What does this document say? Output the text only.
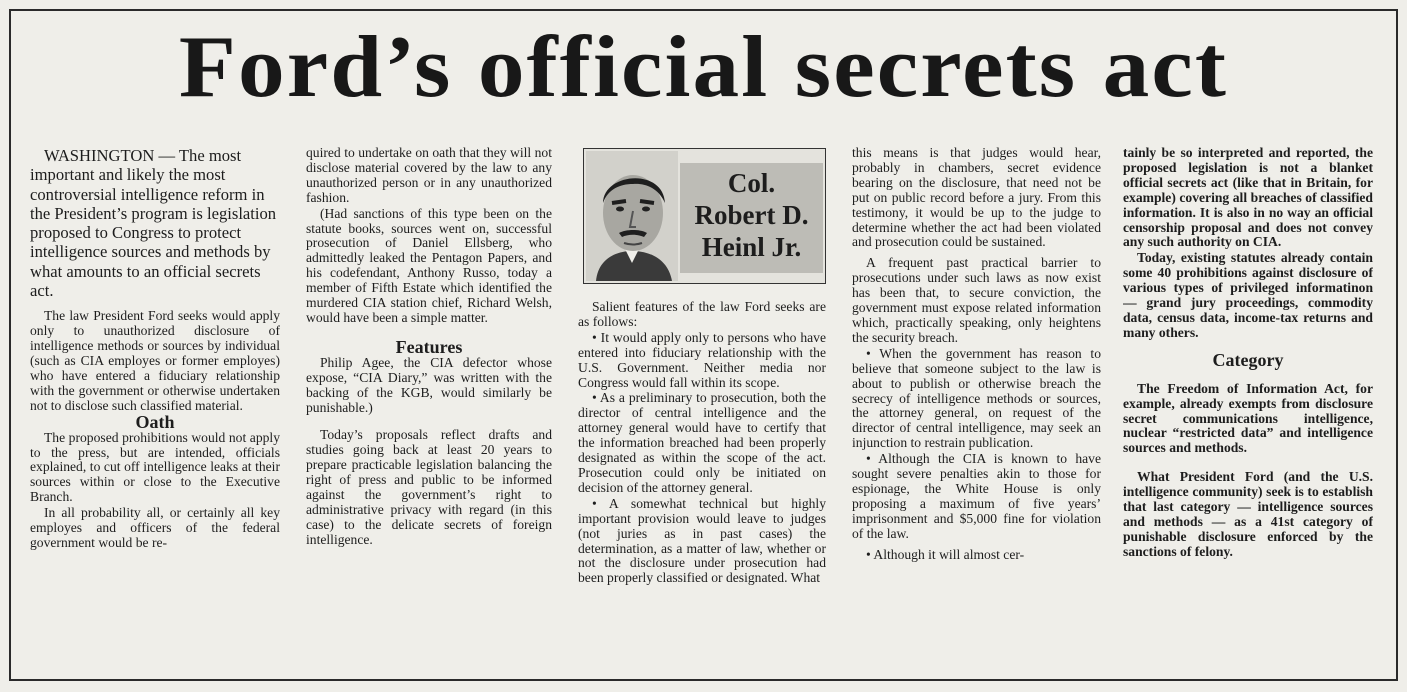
Ford’s official secrets act

WASHINGTON — The most important and likely the most controversial intelligence reform in the President’s program is legislation proposed to Congress to protect intelligence sources and methods by what amounts to an official secrets act.

The law President Ford seeks would apply only to unauthorized disclosure of intelligence methods or sources by individual (such as CIA employes or former employes) who have entered a fiduciary relationship with the government or otherwise undertaken not to disclose such classified material.

Oath

The proposed prohibitions would not apply to the press, but are intended, officials explained, to cut off intelligence leaks at their sources within or close to the Executive Branch.

In all probability all, or certainly all key employes and officers of the federal government would be re-

quired to undertake on oath that they will not disclose material covered by the law to any unauthorized person or in any unauthorized fashion.

(Had sanctions of this type been on the statute books, sources went on, successful prosecution of Daniel Ellsberg, who admittedly leaked the Pentagon Papers, and his codefendant, Anthony Russo, today a member of Fifth Estate which identified the murdered CIA station chief, Richard Welsh, would have been a simple matter.

Features

Philip Agee, the CIA defector whose expose, “CIA Diary,” was written with the backing of the KGB, would similarly be punishable.)

Today’s proposals reflect drafts and studies going back at least 20 years to prepare practicable legislation balancing the right of press and public to be informed against the government’s right to administrative privacy with regard (in this case) to the delicate secrets of foreign intelligence.

Col.
Robert D.
Heinl Jr.

Salient features of the law Ford seeks are as follows:

• It would apply only to persons who have entered into fiduciary relationship with the U.S. Government. Neither media nor Congress would fall within its scope.

• As a preliminary to prosecution, both the director of central intelligence and the attorney general would have to certify that the information breached had been properly designated as within the scope of the act. Prosecution could only be initiated on decision of the attorney general.

• A somewhat technical but highly important provision would leave to judges (not juries as in past cases) the determination, as a matter of law, whether or not the disclosure under prosecution had been properly classified or designated. What

this means is that judges would hear, probably in chambers, secret evidence bearing on the disclosure, that need not be put on public record before a jury. From this testimony, it would be up to the judge to determine whether the act had been violated and prosecution could be sustained.

A frequent past practical barrier to prosecutions under such laws as now exist has been that, to secure conviction, the government must expose related information which, practically speaking, only heightens the security breach.

• When the government has reason to believe that someone subject to the law is about to publish or otherwise breach the secrecy of intelligence methods or sources, the attorney general, on request of the director of central intelligence, may seek an injunction to restrain publication.

• Although the CIA is known to have sought severe penalties akin to those for espionage, the White House is only proposing a maximum of five years’ imprisonment and $5,000 fine for violation of the law.

• Although it will almost cer-

tainly be so interpreted and reported, the proposed legislation is not a blanket official secrets act (like that in Britain, for example) covering all breaches of classified information. It is also in no way an official censorship proposal and does not convey any such authority on CIA.

Today, existing statutes already contain some 40 prohibitions against disclosure of various types of privileged informatinon — grand jury proceedings, commodity data, census data, income-tax returns and many others.

Category

The Freedom of Information Act, for example, already exempts from disclosure secret communications intelligence, nuclear “restricted data” and intelligence sources and methods.

What President Ford (and the U.S. intelligence community) seek is to establish that last category — intelligence sources and methods — as a 41st category of punishable disclosure enforced by the sanctions of felony.
